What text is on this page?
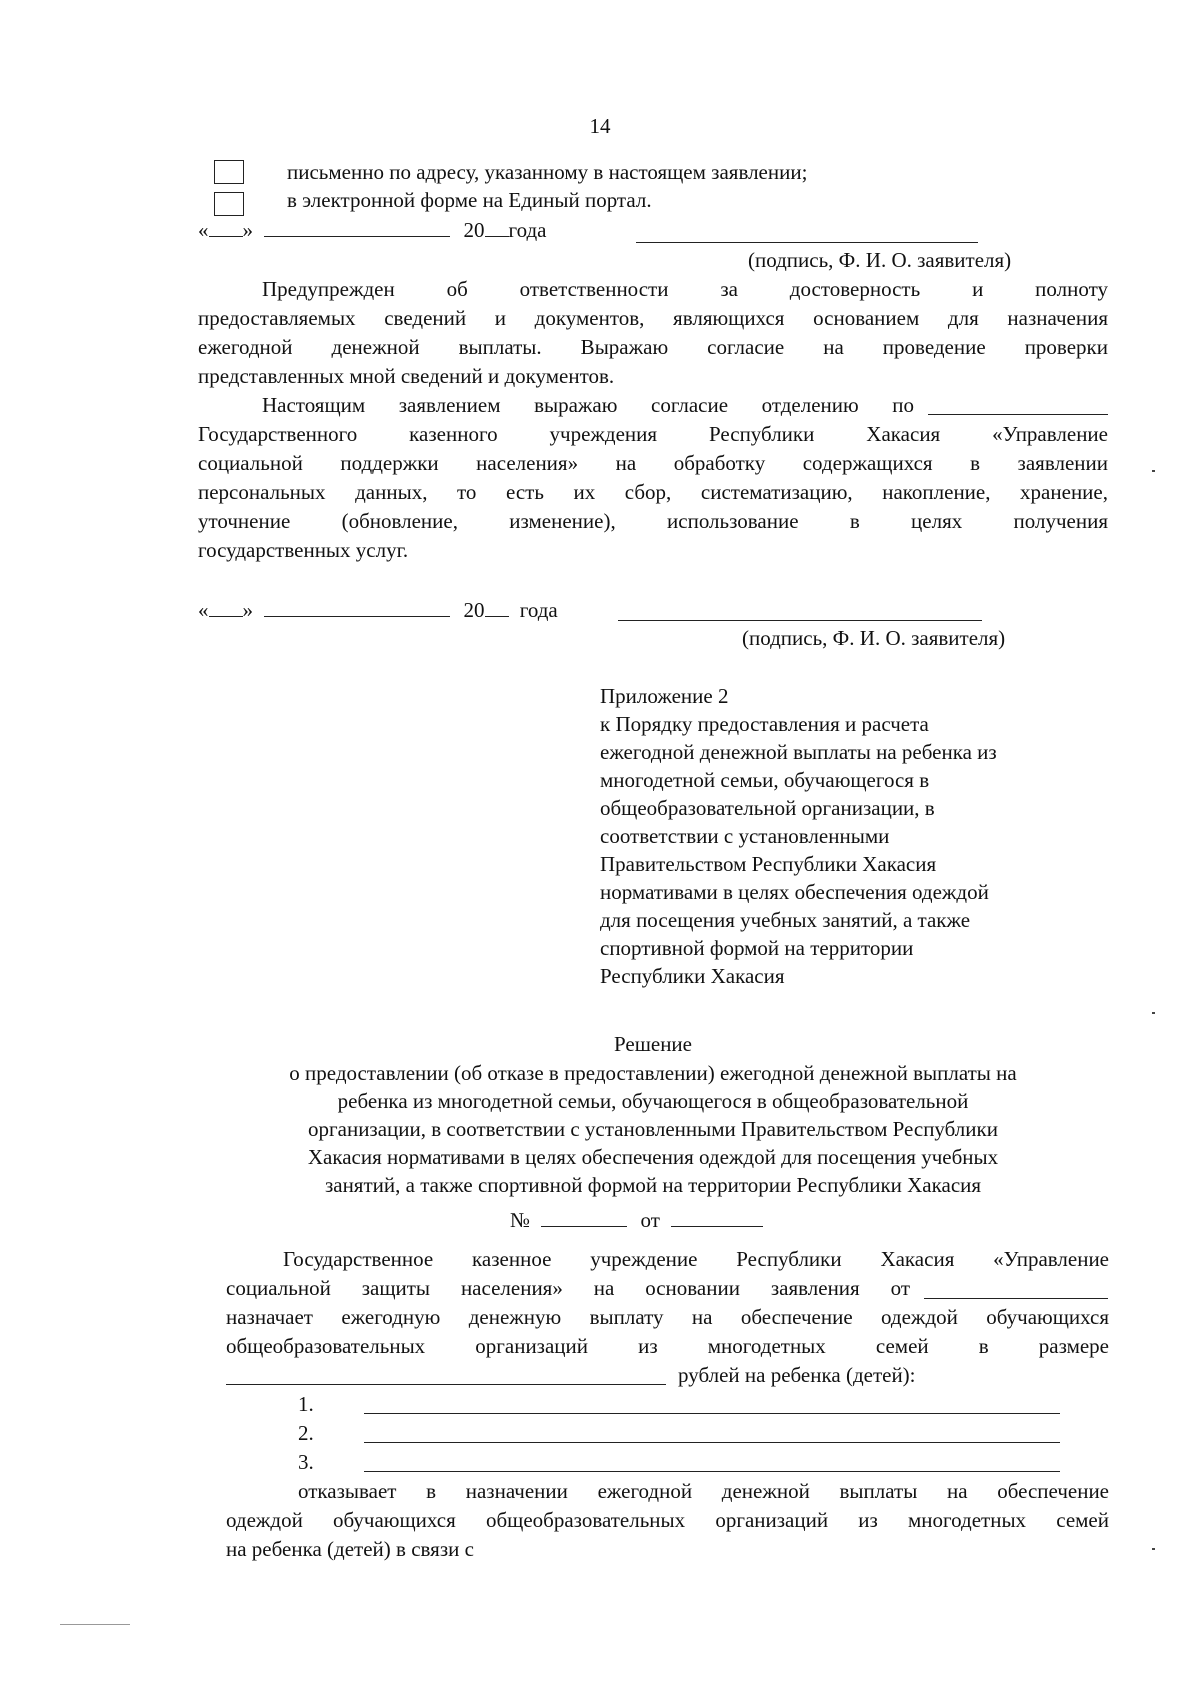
14
письменно по адресу, указанному в настоящем заявлении;
в электронной форме на Единый портал.
« »	20 года
(подпись, Ф. И. О. заявителя)
Предупрежден об ответственности за достоверность и полноту
предоставляемых сведений и документов, являющихся основанием для назначения
ежегодной денежной выплаты. Выражаю согласие на проведение проверки
представленных мной сведений и документов.
Настоящим заявлением выражаю согласие отделению по
Государственного казенного учреждения Республики Хакасия «Управление
социальной поддержки населения» на обработку содержащихся в заявлении
персональных данных, то есть их сбор, систематизацию, накопление, хранение,
уточнение (обновление, изменение), использование в целях получения
государственных услуг.
« »	20 года
(подпись, Ф. И. О. заявителя)
Приложение 2
к Порядку предоставления и расчета
ежегодной денежной выплаты на ребенка из
многодетной семьи, обучающегося в
общеобразовательной организации, в
соответствии с установленными
Правительством Республики Хакасия
нормативами в целях обеспечения одеждой
для посещения учебных занятий, а также
спортивной формой на территории
Республики Хакасия
Решение
о предоставлении (об отказе в предоставлении) ежегодной денежной выплаты на
ребенка из многодетной семьи, обучающегося в общеобразовательной
организации, в соответствии с установленными Правительством Республики
Хакасия нормативами в целях обеспечения одеждой для посещения учебных
занятий, а также спортивной формой на территории Республики Хакасия
№	от
Государственное казенное учреждение Республики Хакасия «Управление
социальной защиты населения» на основании заявления от
назначает ежегодную денежную выплату на обеспечение одеждой обучающихся
общеобразовательных организаций из многодетных семей в размере
рублей на ребенка (детей):
1.
2.
3.
отказывает в назначении ежегодной денежной выплаты на обеспечение
одеждой обучающихся общеобразовательных организаций из многодетных семей
на ребенка (детей) в связи с
